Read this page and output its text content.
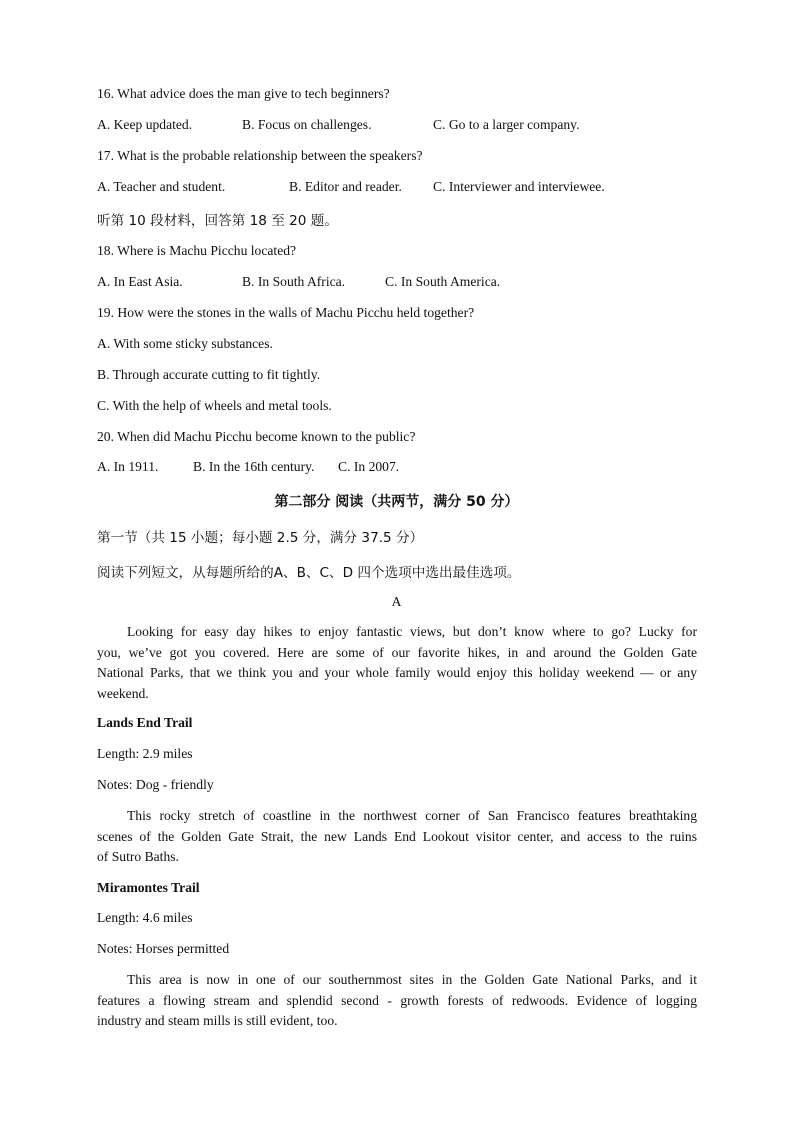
16. What advice does the man give to tech beginners?
A. Keep updated.	B. Focus on challenges.	C. Go to a larger company.
17. What is the probable relationship between the speakers?
A. Teacher and student.	B. Editor and reader. C. Interviewer and interviewee.
听第 10 段材料，回答第 18 至 20 题。
18. Where is Machu Picchu located?
A. In East Asia.	B. In South Africa.	C. In South America.
19. How were the stones in the walls of Machu Picchu held together?
A. With some sticky substances.
B. Through accurate cutting to fit tightly.
C. With the help of wheels and metal tools.
20. When did Machu Picchu become known to the public?
A. In 1911.	B. In the 16th century. C. In 2007.
第二部分 阅读（共两节，满分 50 分）
第一节（共 15 小题；每小题 2.5 分，满分 37.5 分）
阅读下列短文，从每题所给的A、B、C、D 四个选项中选出最佳选项。
A
Looking for easy day hikes to enjoy fantastic views, but don’t know where to go? Lucky for
you, we’ve got you covered. Here are some of our favorite hikes, in and around the Golden Gate
National Parks, that we think you and your whole family would enjoy this holiday weekend — or any
weekend.
Lands End Trail
Length: 2.9 miles
Notes: Dog - friendly
This rocky stretch of coastline in the northwest corner of San Francisco features breathtaking
scenes of the Golden Gate Strait, the new Lands End Lookout visitor center, and access to the ruins
of Sutro Baths.
Miramontes Trail
Length: 4.6 miles
Notes: Horses permitted
This area is now in one of our southernmost sites in the Golden Gate National Parks, and it
features a flowing stream and splendid second - growth forests of redwoods. Evidence of logging
industry and steam mills is still evident, too.
